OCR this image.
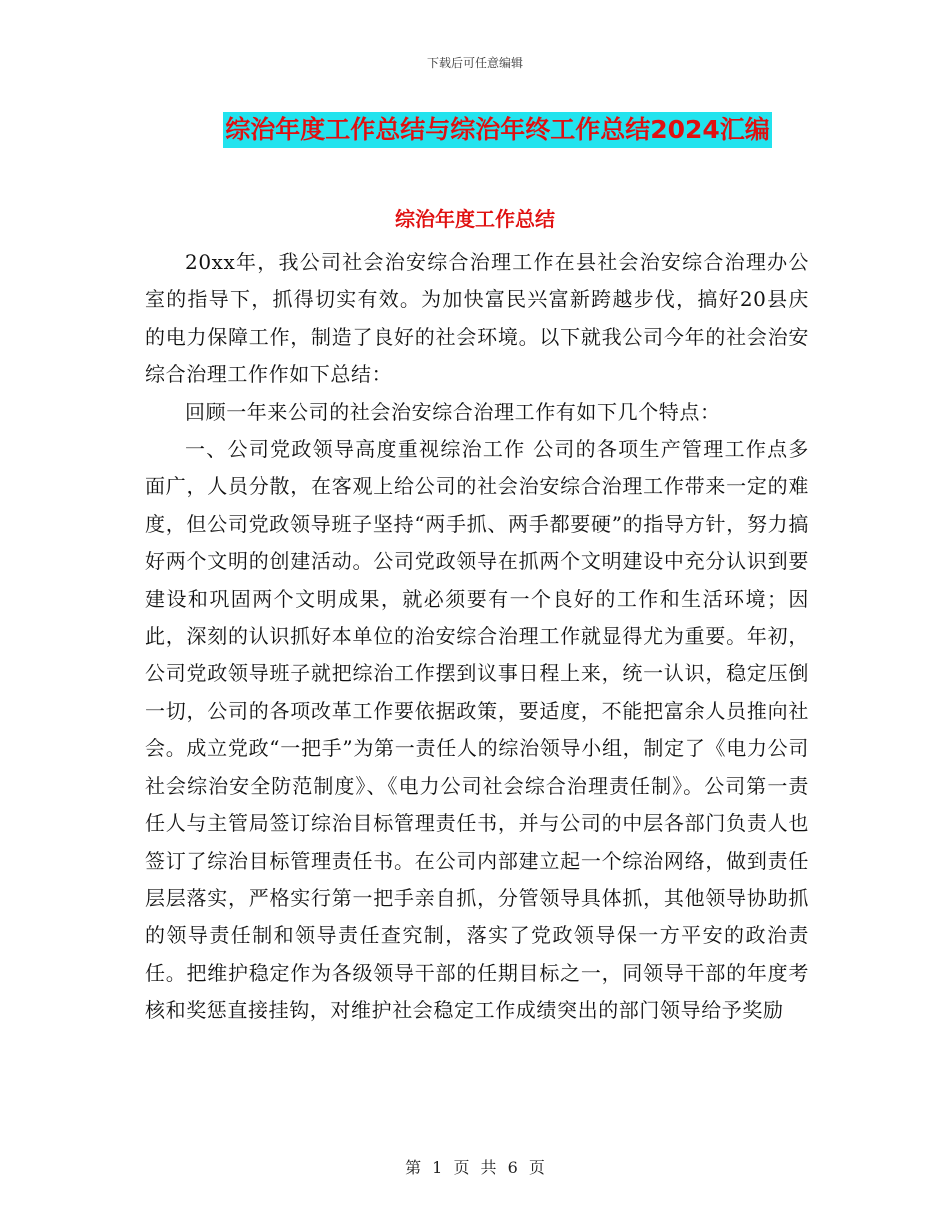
下载后可任意编辑
综治年度工作总结与综治年终工作总结2024汇编
综治年度工作总结

20xx年，我公司社会治安综合治理工作在县社会治安综合治理办公室的指导下，抓得切实有效。为加快富民兴富新跨越步伐，搞好20县庆的电力保障工作，制造了良好的社会环境。以下就我公司今年的社会治安综合治理工作作如下总结：

回顾一年来公司的社会治安综合治理工作有如下几个特点：

一、公司党政领导高度重视综治工作 公司的各项生产管理工作点多面广，人员分散，在客观上给公司的社会治安综合治理工作带来一定的难度，但公司党政领导班子坚持“两手抓、两手都要硬”的指导方针，努力搞好两个文明的创建活动。公司党政领导在抓两个文明建设中充分认识到要建设和巩固两个文明成果，就必须要有一个良好的工作和生活环境；因此，深刻的认识抓好本单位的治安综合治理工作就显得尤为重要。年初，公司党政领导班子就把综治工作摆到议事日程上来，统一认识，稳定压倒一切，公司的各项改革工作要依据政策，要适度，不能把富余人员推向社会。成立党政“一把手”为第一责任人的综治领导小组，制定了《电力公司社会综治安全防范制度》、《电力公司社会综合治理责任制》。公司第一责任人与主管局签订综治目标管理责任书，并与公司的中层各部门负责人也签订了综治目标管理责任书。在公司内部建立起一个综治网络，做到责任层层落实，严格实行第一把手亲自抓，分管领导具体抓，其他领导协助抓的领导责任制和领导责任查究制，落实了党政领导保一方平安的政治责任。把维护稳定作为各级领导干部的任期目标之一，同领导干部的年度考核和奖惩直接挂钩，对维护社会稳定工作成绩突出的部门领导给予奖励

第 1 页 共 6 页
